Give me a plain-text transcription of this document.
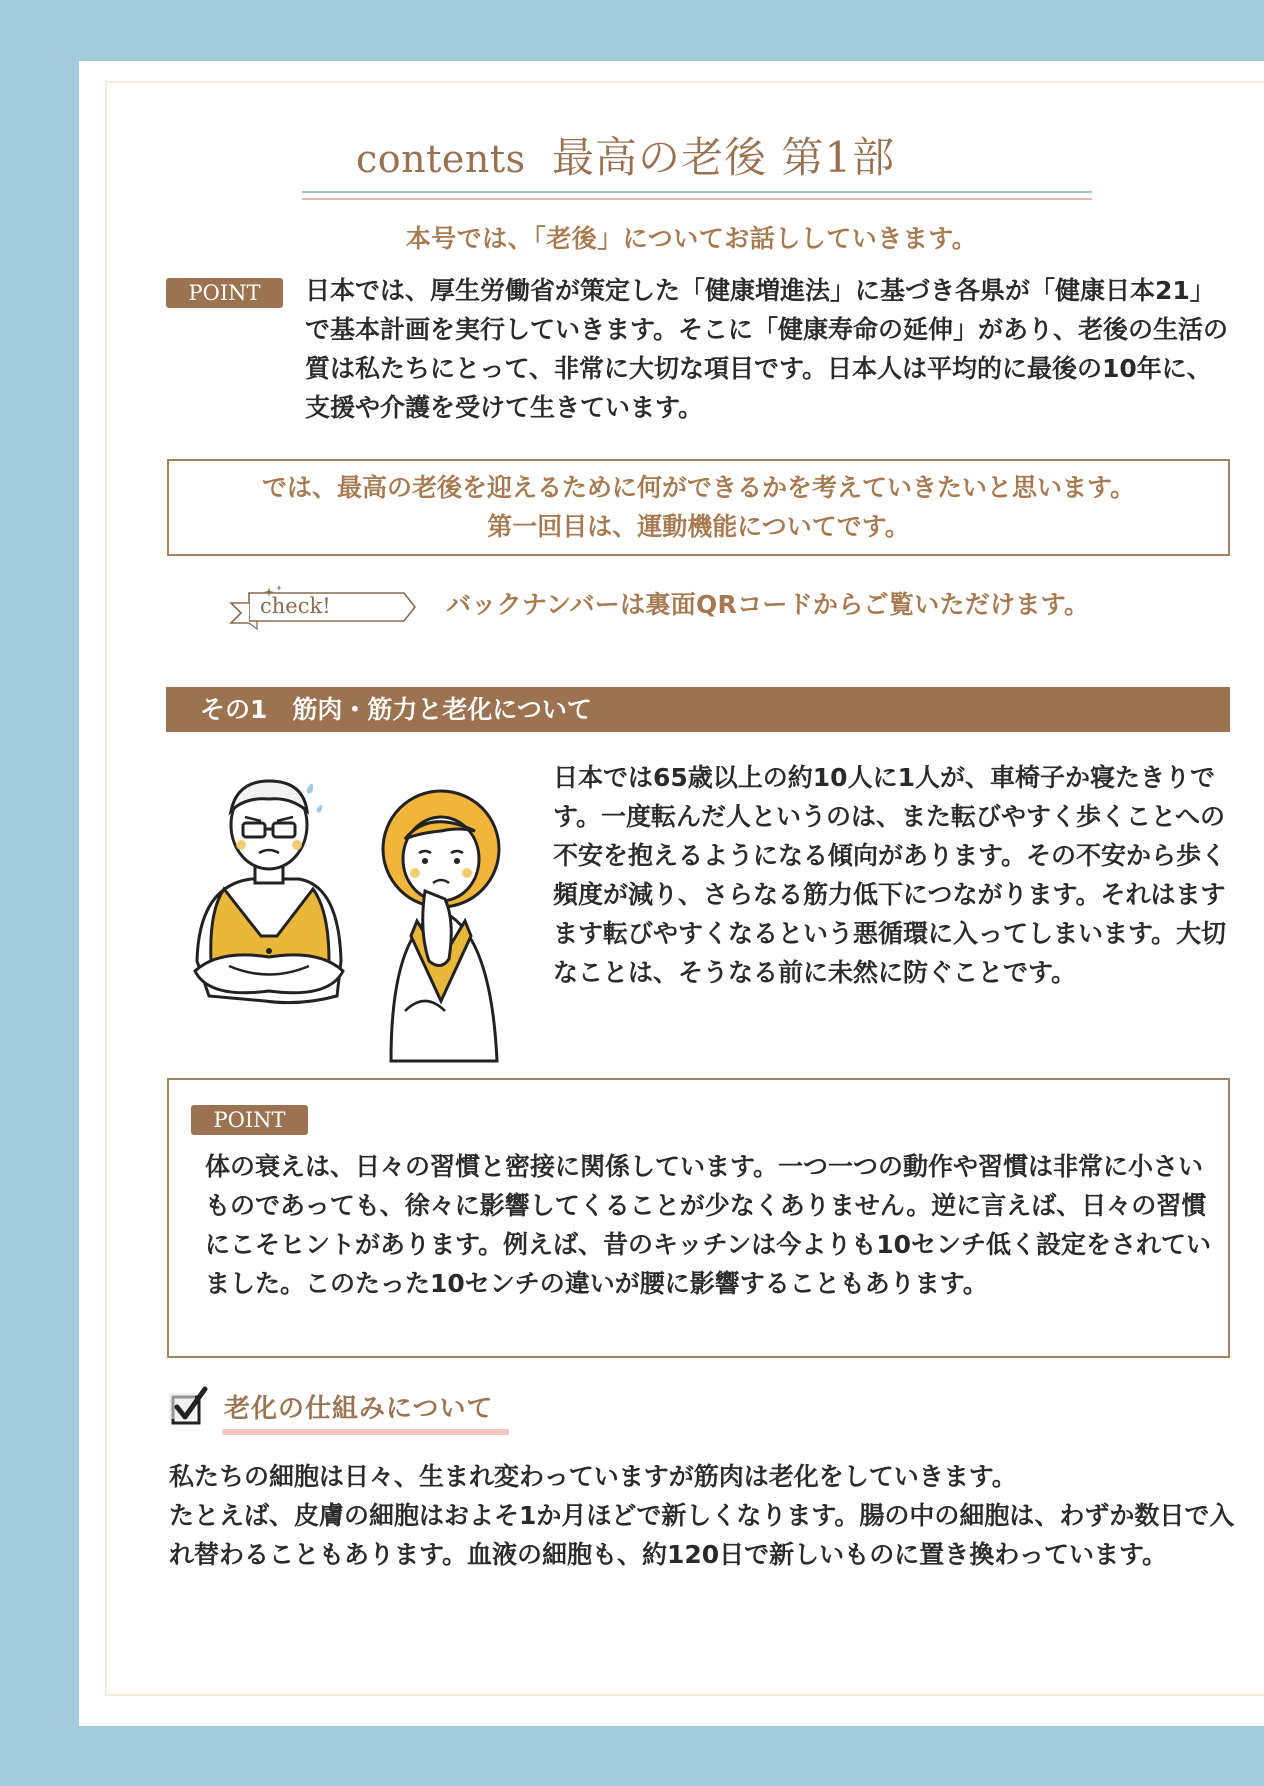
contents 最高の老後 第1部
本号では、「老後」についてお話ししていきます。
POINT	日本では、厚生労働省が策定した「健康増進法」に基づき各県が「健康日本21」で基本計画を実行していきます。そこに「健康寿命の延伸」があり、老後の生活の質は私たちにとって、非常に大切な項目です。日本人は平均的に最後の10年に、支援や介護を受けて生きています。
では、最高の老後を迎えるために何ができるかを考えていきたいと思います。
第一回目は、運動機能についてです。
check!	バックナンバーは裏面QRコードからご覧いただけます。
その1　筋肉・筋力と老化について
日本では65歳以上の約10人に1人が、車椅子か寝たきりです。一度転んだ人というのは、また転びやすく歩くことへの不安を抱えるようになる傾向があります。その不安から歩く頻度が減り、さらなる筋力低下につながります。それはますます転びやすくなるという悪循環に入ってしまいます。大切なことは、そうなる前に未然に防ぐことです。
POINT
体の衰えは、日々の習慣と密接に関係しています。一つ一つの動作や習慣は非常に小さいものであっても、徐々に影響してくることが少なくありません。逆に言えば、日々の習慣にこそヒントがあります。例えば、昔のキッチンは今よりも10センチ低く設定をされていました。このたった10センチの違いが腰に影響することもあります。
老化の仕組みについて
私たちの細胞は日々、生まれ変わっていますが筋肉は老化をしていきます。
たとえば、皮膚の細胞はおよそ1か月ほどで新しくなります。腸の中の細胞は、わずか数日で入れ替わることもあります。血液の細胞も、約120日で新しいものに置き換わっています。
